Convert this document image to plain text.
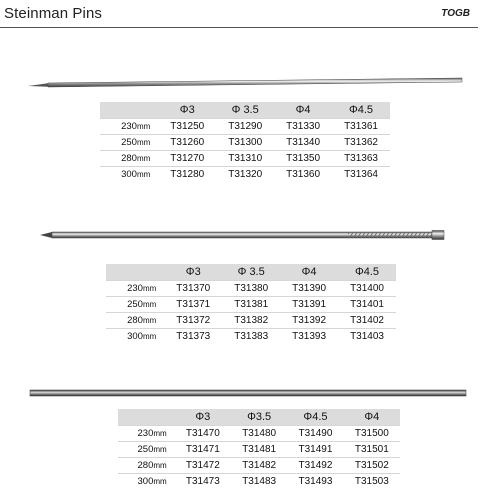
Steinman Pins	TOGB
	Φ3	Φ 3.5	Φ4	Φ4.5
230mm	T31250	T31290	T31330	T31361
250mm	T31260	T31300	T31340	T31362
280mm	T31270	T31310	T31350	T31363
300mm	T31280	T31320	T31360	T31364
	Φ3	Φ 3.5	Φ4	Φ4.5
230mm	T31370	T31380	T31390	T31400
250mm	T31371	T31381	T31391	T31401
280mm	T31372	T31382	T31392	T31402
300mm	T31373	T31383	T31393	T31403
	Φ3	Φ3.5	Φ4.5	Φ4
230mm	T31470	T31480	T31490	T31500
250mm	T31471	T31481	T31491	T31501
280mm	T31472	T31482	T31492	T31502
300mm	T31473	T31483	T31493	T31503
